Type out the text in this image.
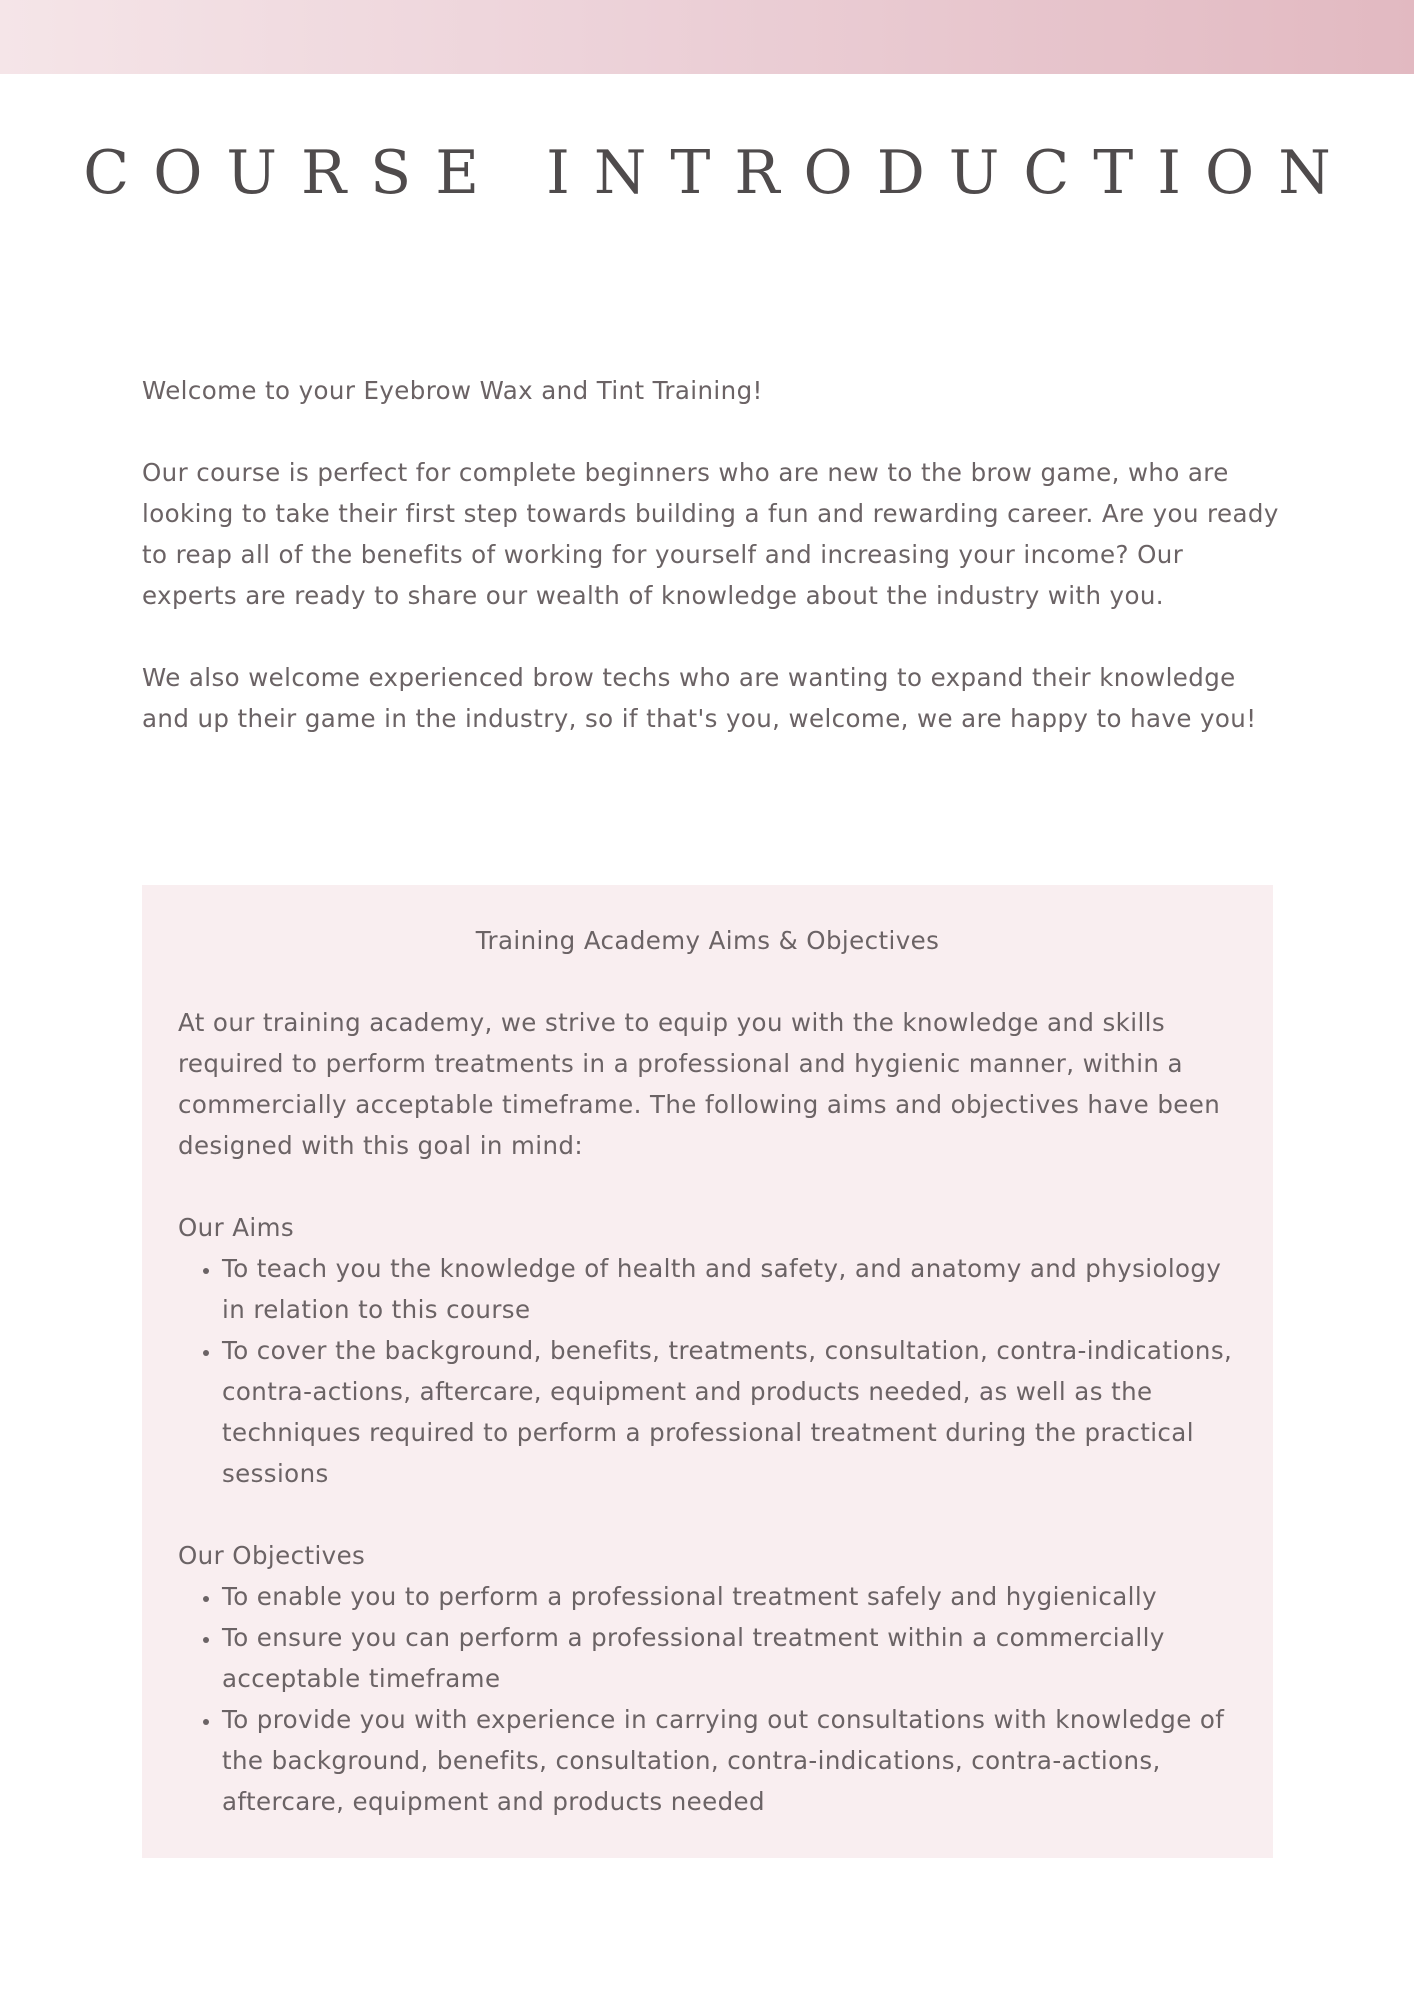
COURSE INTRODUCTION

Welcome to your Eyebrow Wax and Tint Training!

Our course is perfect for complete beginners who are new to the brow game, who are looking to take their first step towards building a fun and rewarding career. Are you ready to reap all of the benefits of working for yourself and increasing your income? Our experts are ready to share our wealth of knowledge about the industry with you.

We also welcome experienced brow techs who are wanting to expand their knowledge and up their game in the industry, so if that's you, welcome, we are happy to have you!

Training Academy Aims & Objectives

At our training academy, we strive to equip you with the knowledge and skills required to perform treatments in a professional and hygienic manner, within a commercially acceptable timeframe. The following aims and objectives have been designed with this goal in mind:

Our Aims

• To teach you the knowledge of health and safety, and anatomy and physiology in relation to this course
• To cover the background, benefits, treatments, consultation, contra-indications, contra-actions, aftercare, equipment and products needed, as well as the techniques required to perform a professional treatment during the practical sessions

Our Objectives

• To enable you to perform a professional treatment safely and hygienically
• To ensure you can perform a professional treatment within a commercially acceptable timeframe
• To provide you with experience in carrying out consultations with knowledge of the background, benefits, consultation, contra-indications, contra-actions, aftercare, equipment and products needed
